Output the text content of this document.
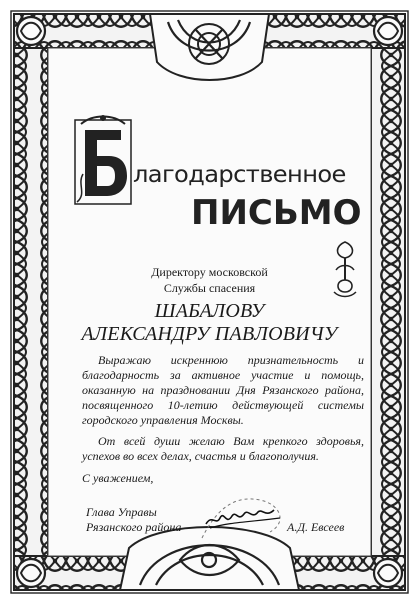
лагодарственное
ПИСЬМО
Директору московской
Службы спасения
ШАБАЛОВУ
АЛЕКСАНДРУ ПАВЛОВИЧУ

Выражаю искреннюю признательность и благодарность за активное участие и помощь, оказанную на праздновании Дня Рязанского района, посвященного 10-летию действующей системы городского управления Москвы.

От всей души желаю Вам крепкого здоровья, успехов во всех делах, счастья и благополучия.

С уважением,
Глава Управы
Рязанского района	А.Д. Евсеев
